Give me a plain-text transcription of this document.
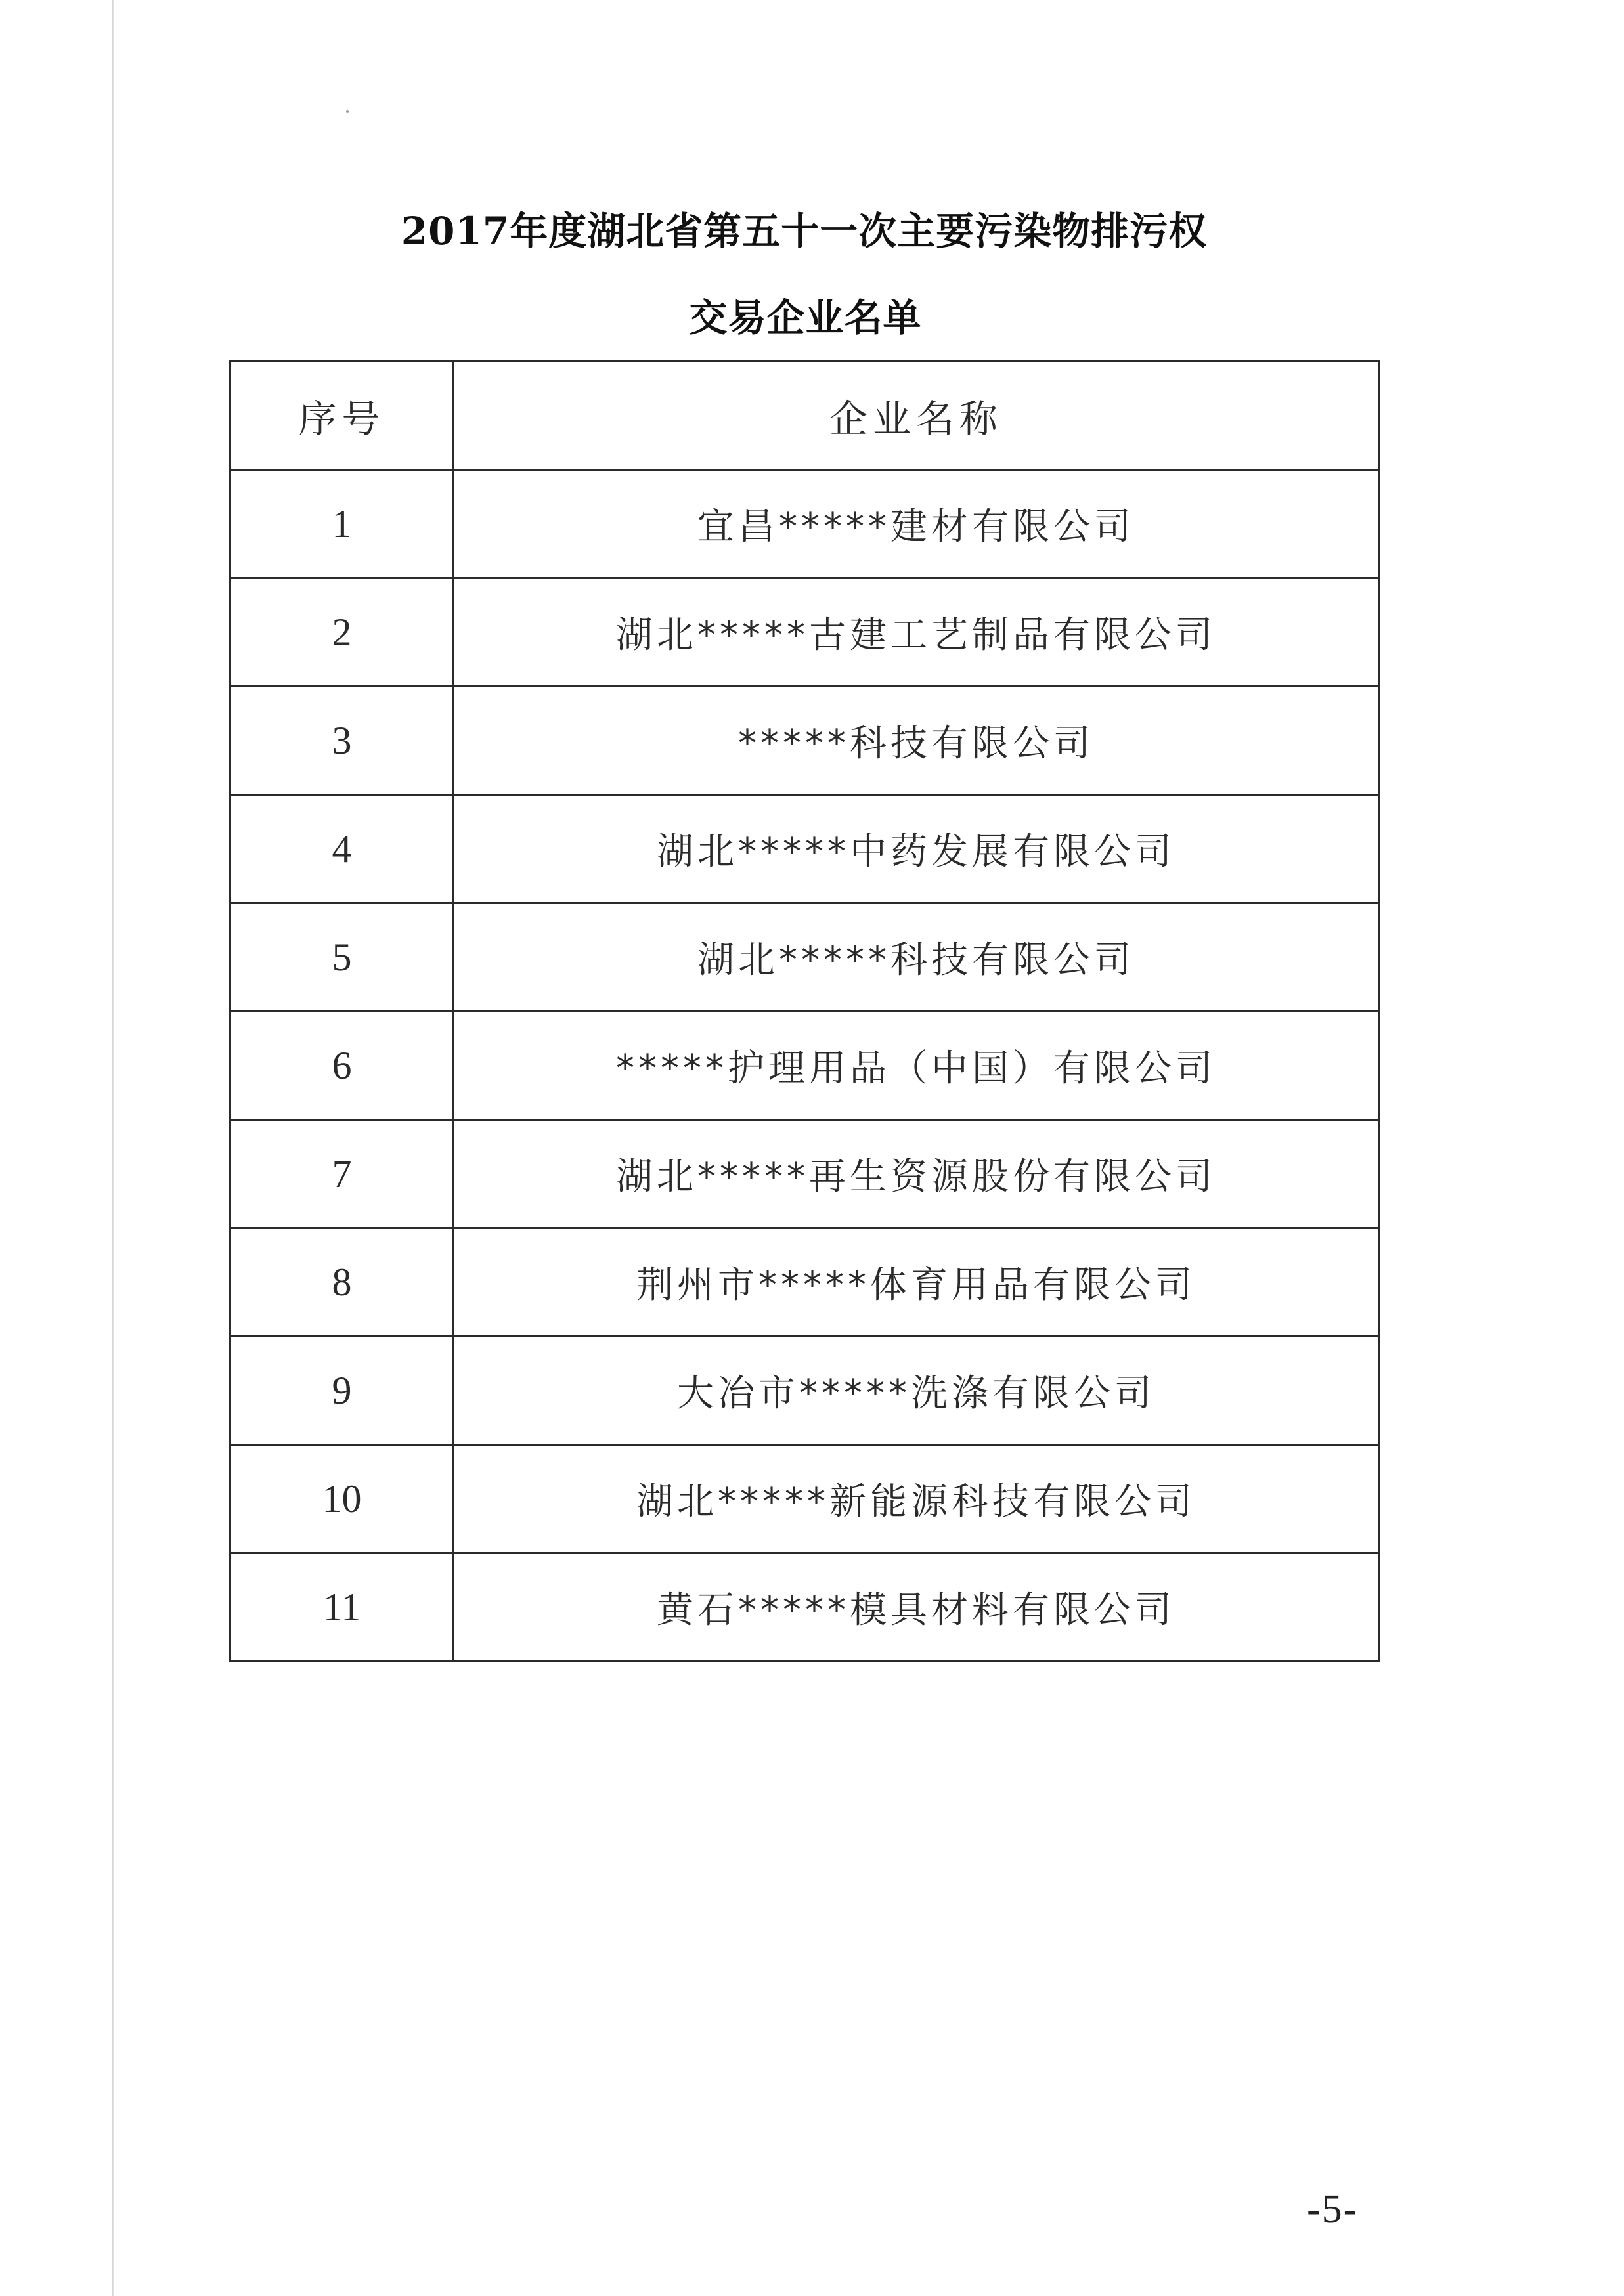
2017年度湖北省第五十一次主要污染物排污权
交易企业名单
序号	企业名称
1	宜昌*****建材有限公司
2	湖北*****古建工艺制品有限公司
3	*****科技有限公司
4	湖北*****中药发展有限公司
5	湖北*****科技有限公司
6	*****护理用品（中国）有限公司
7	湖北*****再生资源股份有限公司
8	荆州市*****体育用品有限公司
9	大冶市*****洗涤有限公司
10	湖北*****新能源科技有限公司
11	黄石*****模具材料有限公司
-5-
